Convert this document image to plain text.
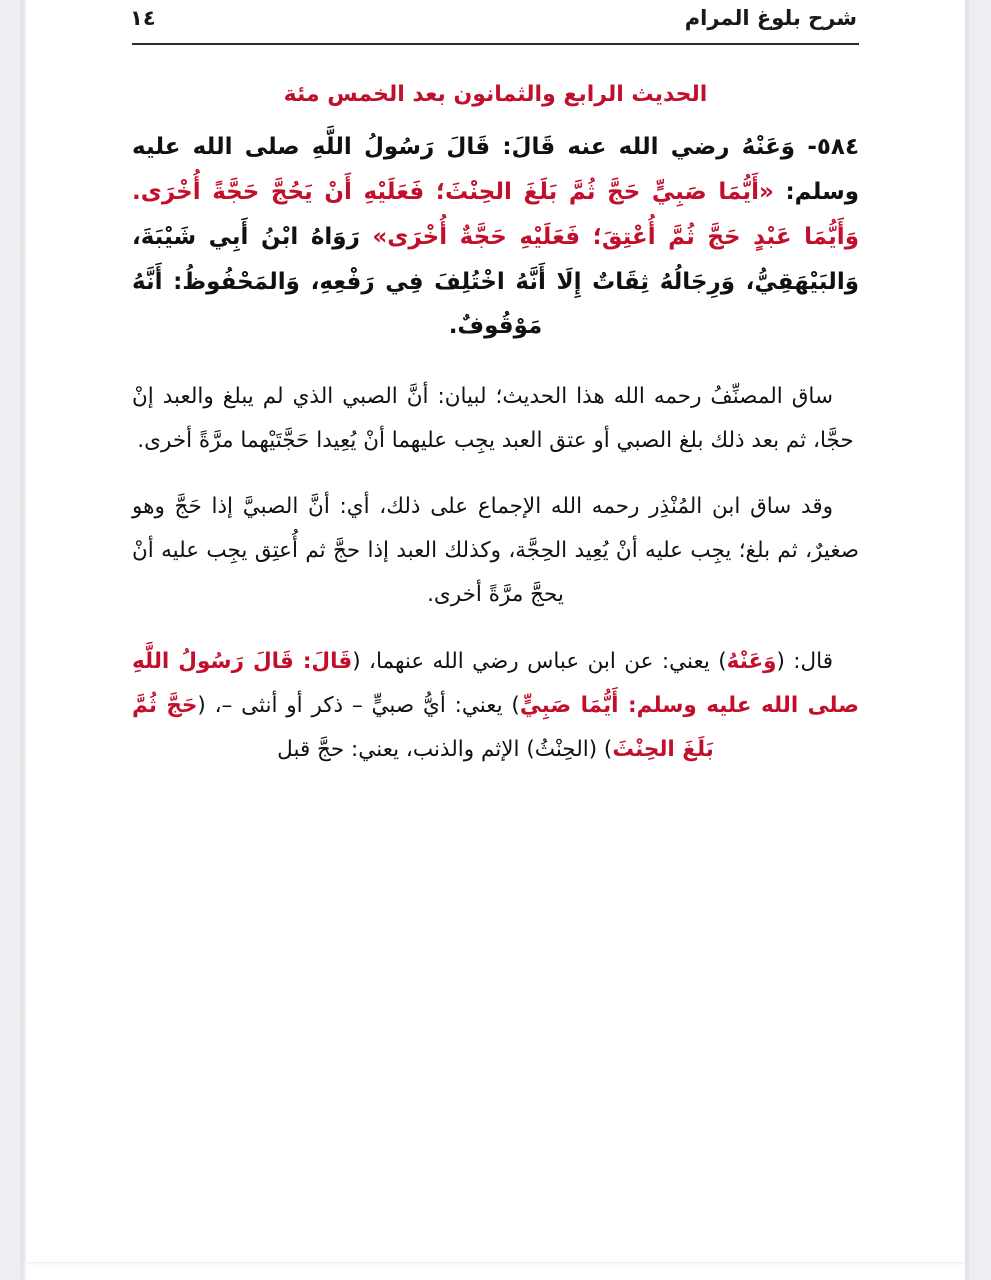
شرح بلوغ المرام
١٤
الحديث الرابع والثمانون بعد الخمس مئة
٥٨٤- وَعَنْهُ رضي الله عنه قَالَ: قَالَ رَسُولُ اللَّهِ صلى الله عليه وسلم: «أَيُّمَا صَبِيٍّ حَجَّ ثُمَّ بَلَغَ الحِنْثَ؛ فَعَلَيْهِ أَنْ يَحُجَّ حَجَّةً أُخْرَى. وَأَيُّمَا عَبْدٍ حَجَّ ثُمَّ أُعْتِقَ؛ فَعَلَيْهِ حَجَّةٌ أُخْرَى» رَوَاهُ ابْنُ أَبِي شَيْبَةَ، وَالبَيْهَقِيُّ، وَرِجَالُهُ ثِقَاتٌ إِلَا أَنَّهُ اخْتُلِفَ فِي رَفْعِهِ، وَالمَحْفُوظُ: أَنَّهُ مَوْقُوفٌ.
ساق المصنِّفُ رحمه الله هذا الحديث؛ لبيان: أنَّ الصبي الذي لم يبلغ والعبد إنْ حجَّا، ثم بعد ذلك بلغ الصبي أو عتق العبد يجِب عليهما أنْ يُعِيدا حَجَّتَيْهما مرَّةً أخرى.
وقد ساق ابن المُنْذِر رحمه الله الإجماع على ذلك، أي: أنَّ الصبيَّ إذا حَجَّ وهو صغيرٌ، ثم بلغ؛ يجِب عليه أنْ يُعِيد الحِجَّة، وكذلك العبد إذا حجَّ ثم أُعتِق يجِب عليه أنْ يحجَّ مرَّةً أخرى.
قال: (وَعَنْهُ) يعني: عن ابن عباس رضي الله عنهما، (قَالَ: قَالَ رَسُولُ اللَّهِ صلى الله عليه وسلم: أَيُّمَا صَبِيٍّ) يعني: أيُّ صبيٍّ – ذكر أو أنثى –، (حَجَّ ثُمَّ بَلَغَ الحِنْثَ) (الحِنْثُ) الإثم والذنب، يعني: حجَّ قبل
